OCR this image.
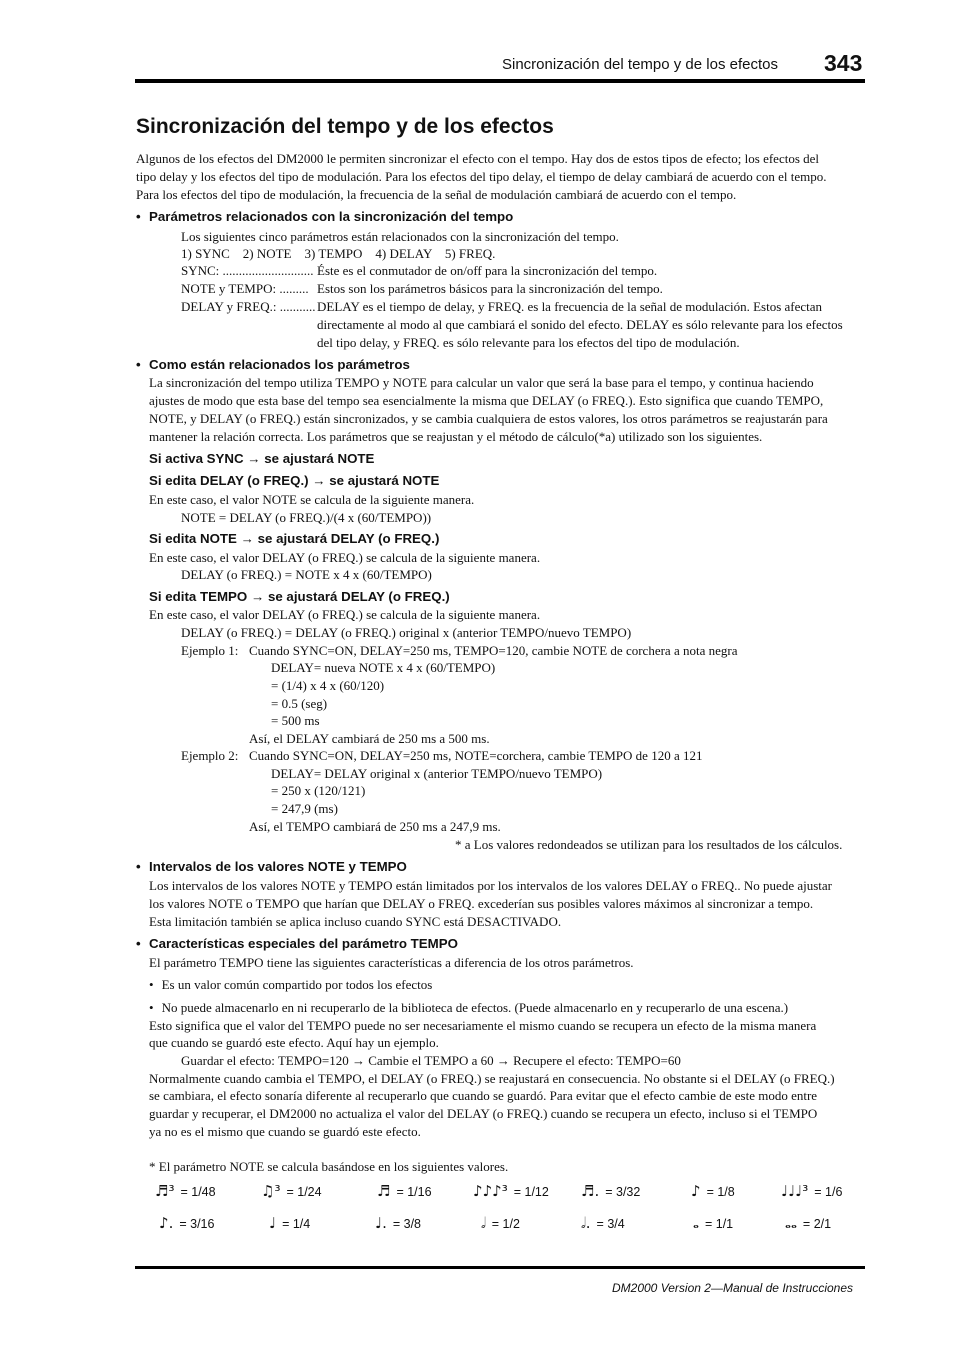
Sincronización del tempo y de los efectos 343
Sincronización del tempo y de los efectos
Algunos de los efectos del DM2000 le permiten sincronizar el efecto con el tempo. Hay dos de estos tipos de efecto; los efectos del
tipo delay y los efectos del tipo de modulación. Para los efectos del tipo delay, el tiempo de delay cambiará de acuerdo con el tempo.
Para los efectos del tipo de modulación, la frecuencia de la señal de modulación cambiará de acuerdo con el tempo.
• Parámetros relacionados con la sincronización del tempo
Los siguientes cinco parámetros están relacionados con la sincronización del tempo.
1) SYNC    2) NOTE    3) TEMPO    4) DELAY    5) FREQ.
SYNC: ............................ Éste es el conmutador de on/off para la sincronización del tempo.
NOTE y TEMPO: ......... Estos son los parámetros básicos para la sincronización del tempo.
DELAY y FREQ.: ........... DELAY es el tiempo de delay, y FREQ. es la frecuencia de la señal de modulación. Estos afectan
directamente al modo al que cambiará el sonido del efecto. DELAY es sólo relevante para los efectos
del tipo delay, y FREQ. es sólo relevante para los efectos del tipo de modulación.
• Como están relacionados los parámetros
La sincronización del tempo utiliza TEMPO y NOTE para calcular un valor que será la base para el tempo, y continua haciendo
ajustes de modo que esta base del tempo sea esencialmente la misma que DELAY (o FREQ.). Esto significa que cuando TEMPO,
NOTE, y DELAY (o FREQ.) están sincronizados, y se cambia cualquiera de estos valores, los otros parámetros se reajustarán para
mantener la relación correcta. Los parámetros que se reajustan y el método de cálculo(*a) utilizado son los siguientes.
Si activa SYNC → se ajustará NOTE
Si edita DELAY (o FREQ.) → se ajustará NOTE
En este caso, el valor NOTE se calcula de la siguiente manera.
NOTE = DELAY (o FREQ.)/(4 x (60/TEMPO))
Si edita NOTE → se ajustará DELAY (o FREQ.)
En este caso, el valor DELAY (o FREQ.) se calcula de la siguiente manera.
DELAY (o FREQ.) = NOTE x 4 x (60/TEMPO)
Si edita TEMPO → se ajustará DELAY (o FREQ.)
En este caso, el valor DELAY (o FREQ.) se calcula de la siguiente manera.
DELAY (o FREQ.) = DELAY (o FREQ.) original x (anterior TEMPO/nuevo TEMPO)
Ejemplo 1: Cuando SYNC=ON, DELAY=250 ms, TEMPO=120, cambie NOTE de corchera a nota negra
DELAY= nueva NOTE x 4 x (60/TEMPO)
= (1/4) x 4 x (60/120)
= 0.5 (seg)
= 500 ms
Así, el DELAY cambiará de 250 ms a 500 ms.
Ejemplo 2: Cuando SYNC=ON, DELAY=250 ms, NOTE=corchera, cambie TEMPO de 120 a 121
DELAY= DELAY original x (anterior TEMPO/nuevo TEMPO)
= 250 x (120/121)
= 247,9 (ms)
Así, el TEMPO cambiará de 250 ms a 247,9 ms.
* a Los valores redondeados se utilizan para los resultados de los cálculos.
• Intervalos de los valores NOTE y TEMPO
Los intervalos de los valores NOTE y TEMPO están limitados por los intervalos de los valores DELAY o FREQ.. No puede ajustar
los valores NOTE o TEMPO que harían que DELAY o FREQ. excederían sus posibles valores máximos al sincronizar a tempo.
Esta limitación también se aplica incluso cuando SYNC está DESACTIVADO.
• Características especiales del parámetro TEMPO
El parámetro TEMPO tiene las siguientes características a diferencia de los otros parámetros.
• Es un valor común compartido por todos los efectos
• No puede almacenarlo en ni recuperarlo de la biblioteca de efectos. (Puede almacenarlo en y recuperarlo de una escena.)
Esto significa que el valor del TEMPO puede no ser necesariamente el mismo cuando se recupera un efecto de la misma manera
que cuando se guardó este efecto. Aquí hay un ejemplo.
Guardar el efecto: TEMPO=120 → Cambie el TEMPO a 60 → Recupere el efecto: TEMPO=60
Normalmente cuando cambia el TEMPO, el DELAY (o FREQ.) se reajustará en consecuencia. No obstante si el DELAY (o FREQ.)
se cambiara, el efecto sonaría diferente al recuperarlo que cuando se guardó. Para evitar que el efecto cambie de este modo entre
guardar y recuperar, el DM2000 no actualiza el valor del DELAY (o FREQ.) cuando se recupera un efecto, incluso si el TEMPO
ya no es el mismo que cuando se guardó este efecto.
* El parámetro NOTE se calcula basándose en los siguientes valores.
♬³ = 1/48	♫³ = 1/24	♬ = 1/16	♪♪♪³ = 1/12 ♬. = 3/32	♪ = 1/8	♩♩♩³ = 1/6
♪. = 3/16	♩ = 1/4	♩. = 3/8	𝅗𝅥 = 1/2	𝅗𝅥. = 3/4	𝅝 = 1/1	𝅝𝅝 = 2/1
DM2000 Version 2—Manual de Instrucciones
